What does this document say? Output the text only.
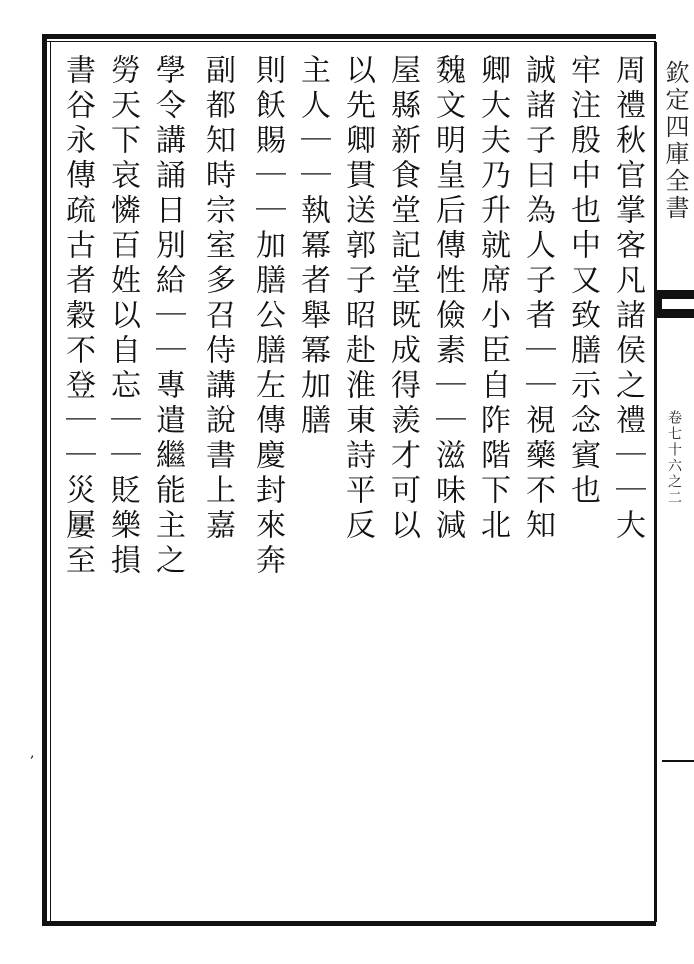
欽定四庫全書
卷七十六之二
周禮秋官掌客凡諸侯之禮｜｜大
牢注殷中也中又致膳示念賓也
誠諸子曰為人子者｜｜視藥不知
卿大夫乃升就席小臣自阼階下北
魏文明皇后傳性儉素｜｜滋味減
屋縣新食堂記堂既成得羨才可以
以先卿貫送郭子昭赴淮東詩平反
主人｜｜執冪者舉冪加膳
則飫賜｜｜加膳公膳左傳慶封來奔
副都知時宗室多召侍講說書上嘉
學令講誦日別給｜｜專遣繼能主之
勞天下哀憐百姓以自忘｜｜貶樂損
書谷永傳疏古者穀不登｜｜災屢至
,
